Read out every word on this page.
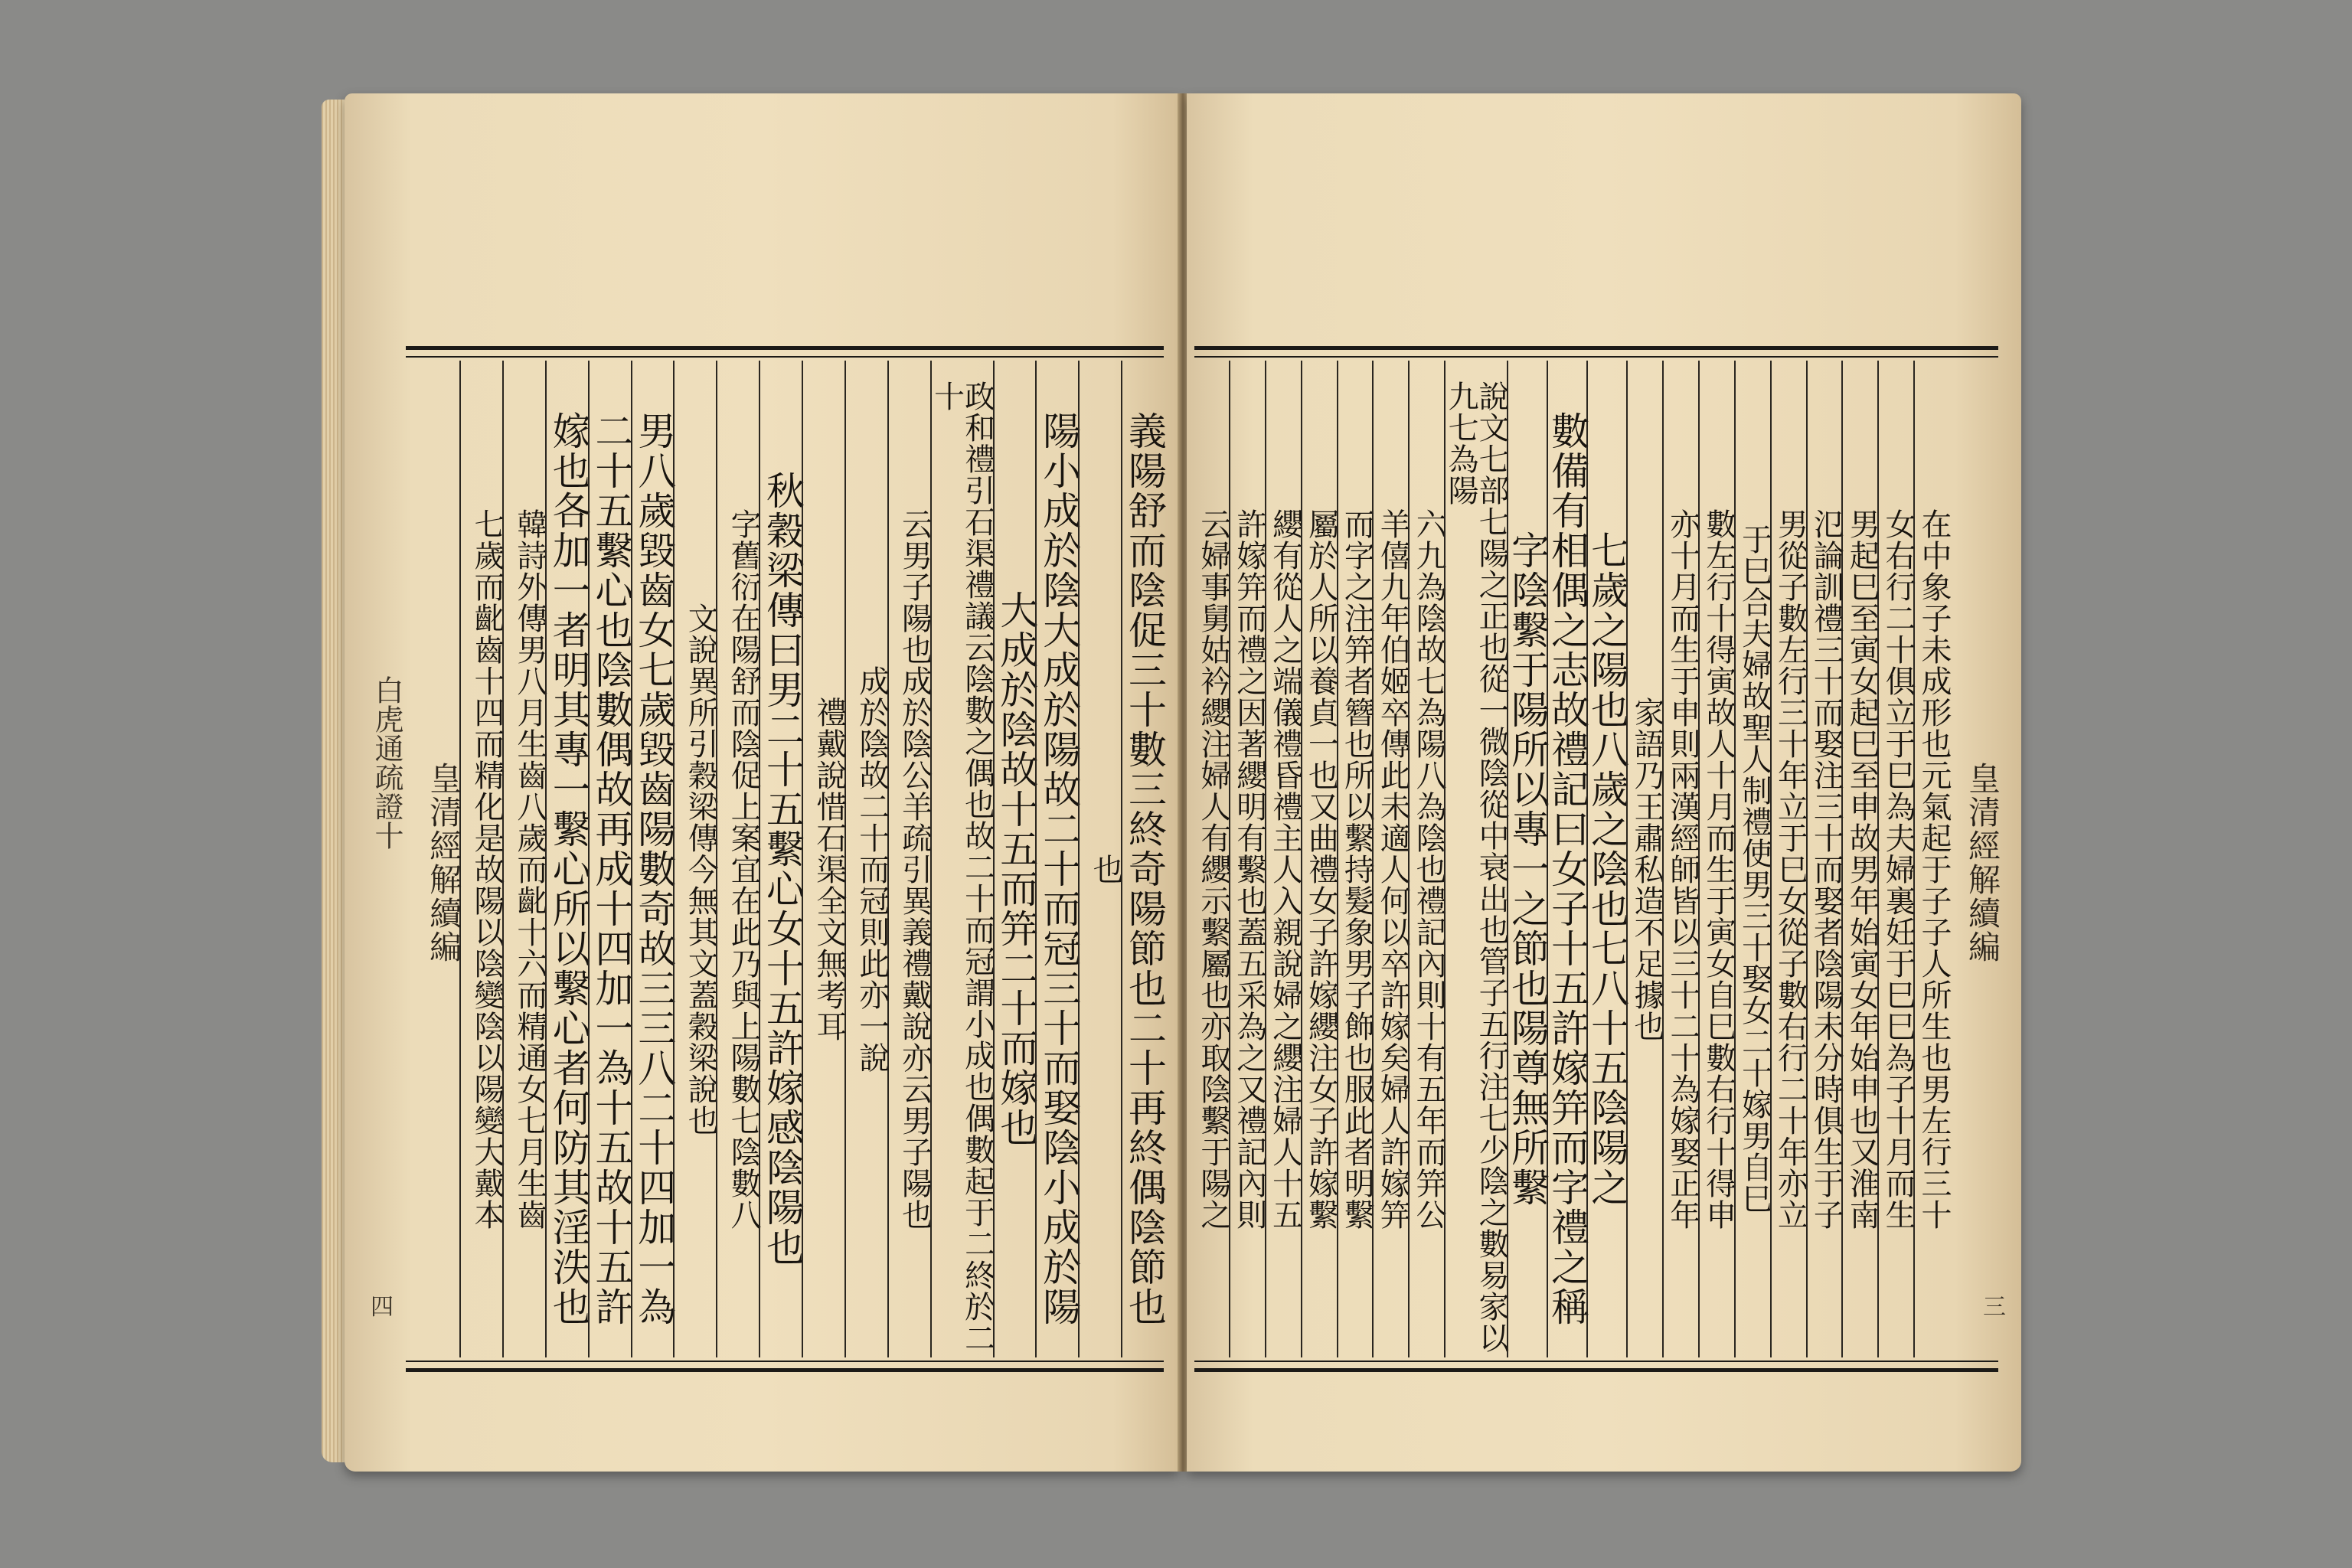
義陽舒而陰促三十數三終奇陽節也二十再終偶陰節也
也
陽小成於陰大成於陽故二十而冠三十而娶陰小成於陽
大成於陰故十五而笄二十而嫁也
政和禮引石渠禮議云陰數之偶也故二十而冠謂小成也偶數起于二終於二十
云男子陽也成於陰公羊疏引異義禮戴說亦云男子陽也
成於陰故二十而冠則此亦一說
禮戴說惜石渠全文無考耳
秋穀梁傳曰男二十五繫心女十五許嫁感陰陽也
字舊衍在陽舒而陰促上案宜在此乃與上陽數七陰數八
文說異所引穀梁傳今無其文蓋穀梁說也
男八歲毀齒女七歲毀齒陽數奇故三三八二十四加一為
二十五繫心也陰數偶故再成十四加一為十五故十五許
嫁也各加一者明其專一繫心所以繫心者何防其淫泆也
韓詩外傳男八月生齒八歲而齔十六而精通女七月生齒
七歲而齔齒十四而精化是故陽以陰變陰以陽變大戴本
皇清經解續編
白虎通疏證十
四
皇清經解續編
在中象子未成形也元氣起于子子人所生也男左行三十
女右行二十俱立于巳為夫婦裏妊于巳巳為子十月而生
男起巳至寅女起巳至申故男年始寅女年始申也又淮南
氾論訓禮三十而娶注三十而娶者陰陽未分時俱生于子
男從子數左行三十年立于巳女從子數右行二十年亦立
于巳合夫婦故聖人制禮使男三十娶女二十嫁男自巳
數左行十得寅故人十月而生于寅女自巳數右行十得申
亦十月而生于申則兩漢經師皆以三十二十為嫁娶正年
家語乃王肅私造不足據也
七歲之陽也八歲之陰也七八十五陰陽之
數備有相偶之志故禮記曰女子十五許嫁笄而字禮之稱
字陰繫于陽所以專一之節也陽尊無所繫
說文七部七陽之正也從一微陰從中衰出也管子五行注七少陰之數易家以九七為陽
六九為陰故七為陽八為陰也禮記內則十有五年而笄公
羊僖九年伯姬卒傳此未適人何以卒許嫁矣婦人許嫁笄
而字之注笄者簪也所以繫持髮象男子飾也服此者明繫
屬於人所以養貞一也又曲禮女子許嫁纓注女子許嫁繫
纓有從人之端儀禮昏禮主人入親說婦之纓注婦人十五
許嫁笄而禮之因著纓明有繫也蓋五采為之又禮記內則
云婦事舅姑衿纓注婦人有纓示繫屬也亦取陰繫于陽之
三
